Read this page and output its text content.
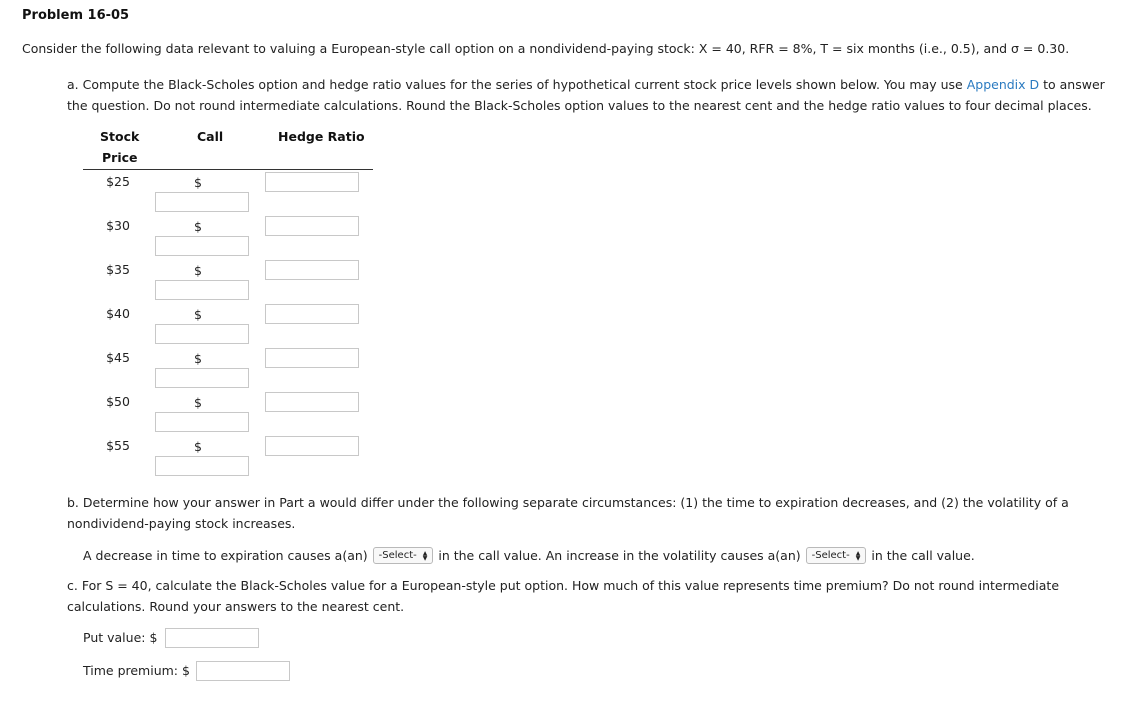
Problem 16-05
Consider the following data relevant to valuing a European-style call option on a nondividend-paying stock: X = 40, RFR = 8%, T = six months (i.e., 0.5), and σ = 0.30.
a. Compute the Black-Scholes option and hedge ratio values for the series of hypothetical current stock price levels shown below. You may use Appendix D to answer the question. Do not round intermediate calculations. Round the Black-Scholes option values to the nearest cent and the hedge ratio values to four decimal places.
Stock
Price
Call	Hedge Ratio
$25	$
$30	$
$35	$
$40	$
$45	$
$50	$
$55	$
b. Determine how your answer in Part a would differ under the following separate circumstances: (1) the time to expiration decreases, and (2) the volatility of a nondividend-paying stock increases.
A decrease in time to expiration causes a(an) -Select- ▲
▼ in the call value. An increase in the volatility causes a(an) -Select- ▲
▼ in the call value.
c. For S = 40, calculate the Black-Scholes value for a European-style put option. How much of this value represents time premium? Do not round intermediate calculations. Round your answers to the nearest cent.
Put value: $
Time premium: $
